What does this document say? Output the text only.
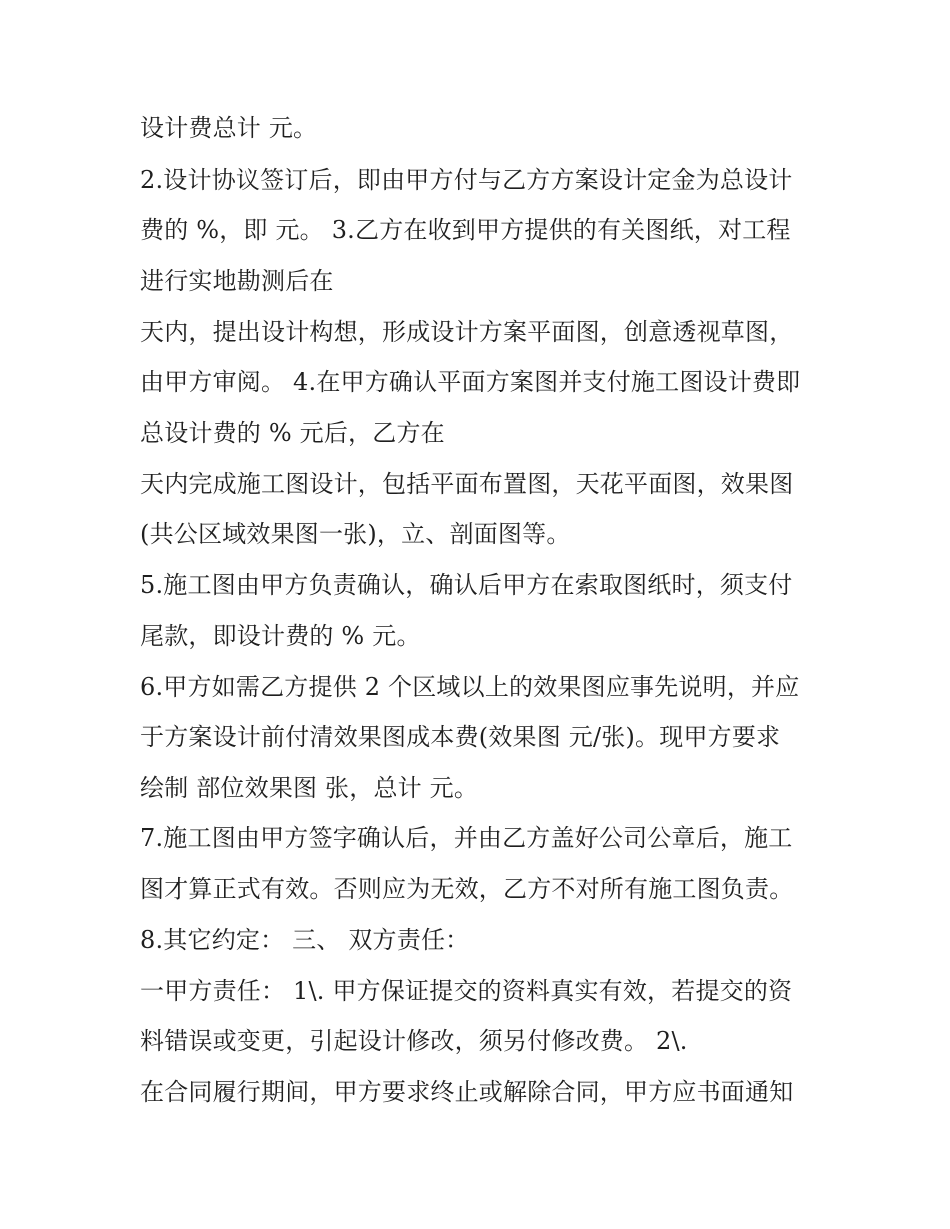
设计费总计 元。
2.设计协议签订后，即由甲方付与乙方方案设计定金为总设计
费的 %，即 元。 3.乙方在收到甲方提供的有关图纸，对工程
进行实地勘测后在
天内，提出设计构想，形成设计方案平面图，创意透视草图，
由甲方审阅。 4.在甲方确认平面方案图并支付施工图设计费即
总设计费的 % 元后，乙方在
天内完成施工图设计，包括平面布置图，天花平面图，效果图
(共公区域效果图一张)，立、剖面图等。
5.施工图由甲方负责确认，确认后甲方在索取图纸时，须支付
尾款，即设计费的 % 元。
6.甲方如需乙方提供 2 个区域以上的效果图应事先说明，并应
于方案设计前付清效果图成本费(效果图 元/张)。现甲方要求
绘制 部位效果图 张，总计 元。
7.施工图由甲方签字确认后，并由乙方盖好公司公章后，施工
图才算正式有效。否则应为无效，乙方不对所有施工图负责。
8.其它约定： 三、 双方责任：
一甲方责任： 1\. 甲方保证提交的资料真实有效，若提交的资
料错误或变更，引起设计修改，须另付修改费。 2\.
在合同履行期间，甲方要求终止或解除合同，甲方应书面通知
